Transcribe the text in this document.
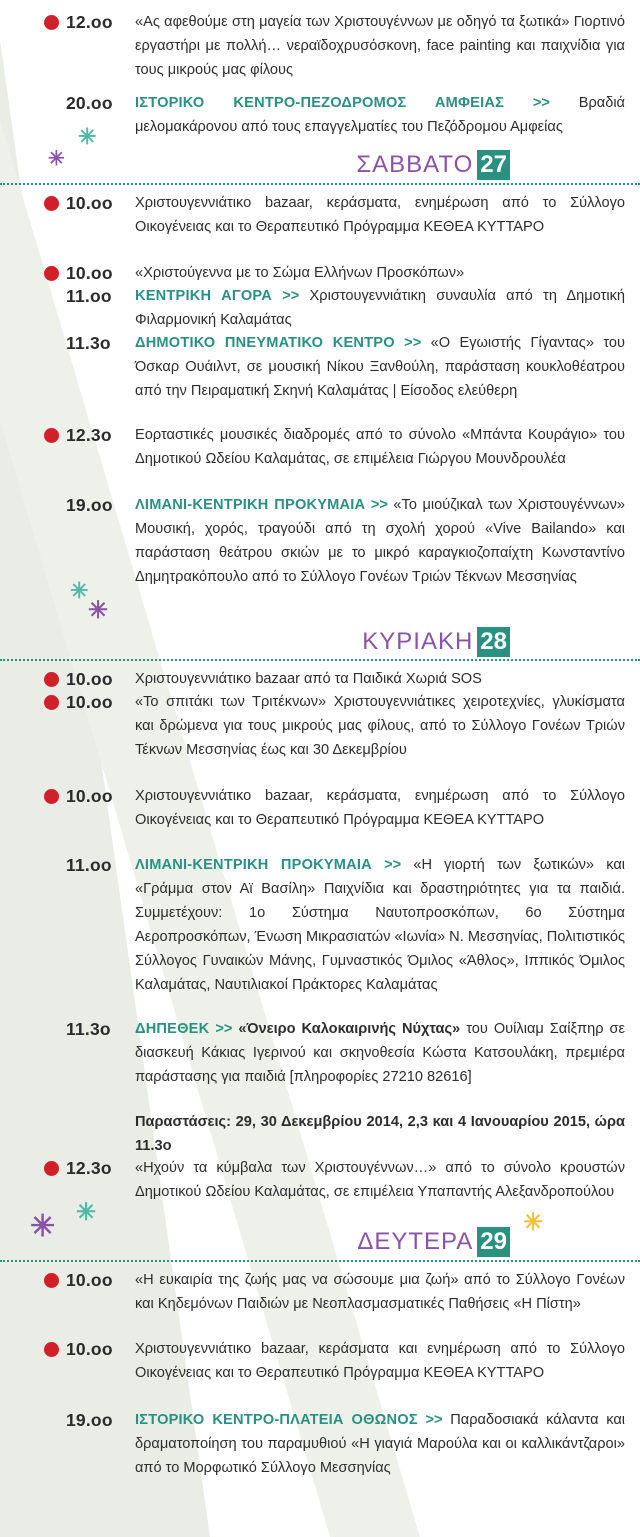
12.oo	«Ας αφεθούμε στη μαγεία των Χριστουγέννων με οδηγό τα ξωτικά» Γιορτινό εργαστήρι με πολλή… νεραϊδοχρυσόσκονη, face painting και παιχνίδια για τους μικρούς μας φίλους
20.oo	ΙΣΤΟΡΙΚΟ ΚΕΝΤΡΟ-ΠΕΖΟΔΡΟΜΟΣ ΑΜΦΕΙΑΣ >> Βραδιά μελομακάρονου από τους επαγγελματίες του Πεζόδρομου Αμφείας
✳
✳	ΣΑΒΒΑΤΟ 27
10.oo	Χριστουγεννιάτικο bazaar, κεράσματα, ενημέρωση από το Σύλλογο Οικογένειας και το Θεραπευτικό Πρόγραμμα ΚΕΘΕΑ ΚΥΤΤΑΡΟ
10.oo	«Χριστούγεννα με το Σώμα Ελλήνων Προσκόπων»
11.oo	ΚΕΝΤΡΙΚΗ ΑΓΟΡΑ >> Χριστουγεννιάτικη συναυλία από τη Δημοτική Φιλαρμονική Καλαμάτας
11.3o	ΔΗΜΟΤΙΚΟ ΠΝΕΥΜΑΤΙΚΟ ΚΕΝΤΡΟ >> «Ο Εγωιστής Γίγαντας» του Όσκαρ Ουάιλντ, σε μουσική Νίκου Ξανθούλη, παράσταση κουκλοθέατρου από την Πειραματική Σκηνή Καλαμάτας | Είσοδος ελεύθερη
12.3o	Εορταστικές μουσικές διαδρομές από το σύνολο «Μπάντα Κουράγιο» του Δημοτικού Ωδείου Καλαμάτας, σε επιμέλεια Γιώργου Μουνδρουλέα
19.oo	ΛΙΜΑΝΙ-ΚΕΝΤΡΙΚΗ ΠΡΟΚΥΜΑΙΑ >> «Το μιούζικαλ των Χριστουγέννων» Μουσική, χορός, τραγούδι από τη σχολή χορού «Vive Bailando» και παράσταση θεάτρου σκιών με το μικρό καραγκιοζοπαίχτη Κωνσταντίνο Δημητρακόπουλο από το Σύλλογο Γονέων Τριών Τέκνων Μεσσηνίας
✳
✳
ΚΥΡΙΑΚΗ 28
10.oo	Χριστουγεννιάτικο bazaar από τα Παιδικά Χωριά SOS
10.oo	«Το σπιτάκι των Τριτέκνων» Χριστουγεννιάτικες χειροτεχνίες, γλυκίσματα και δρώμενα για τους μικρούς μας φίλους, από το Σύλλογο Γονέων Τριών Τέκνων Μεσσηνίας έως και 30 Δεκεμβρίου
10.oo	Χριστουγεννιάτικο bazaar, κεράσματα, ενημέρωση από το Σύλλογο Οικογένειας και το Θεραπευτικό Πρόγραμμα ΚΕΘΕΑ ΚΥΤΤΑΡΟ
11.oo	ΛΙΜΑΝΙ-ΚΕΝΤΡΙΚΗ ΠΡΟΚΥΜΑΙΑ >> «Η γιορτή των ξωτικών» και «Γράμμα στον Αϊ Βασίλη» Παιχνίδια και δραστηριότητες για τα παιδιά. Συμμετέχουν: 1ο Σύστημα Ναυτοπροσκόπων, 6ο Σύστημα Αεροπροσκόπων, Ένωση Μικρασιατών «Ιωνία» Ν. Μεσσηνίας, Πολιτιστικός Σύλλογος Γυναικών Μάνης, Γυμναστικός Όμιλος «Άθλος», Ιππικός Όμιλος Καλαμάτας, Ναυτιλιακοί Πράκτορες Καλαμάτας
11.3o	ΔΗΠΕΘΕΚ >> «Όνειρο Καλοκαιρινής Νύχτας» του Ουίλιαμ Σαίξπηρ σε διασκευή Κάκιας Ιγερινού και σκηνοθεσία Κώστα Κατσουλάκη, πρεμιέρα παράστασης για παιδιά [πληροφορίες 27210 82616]
Παραστάσεις: 29, 30 Δεκεμβρίου 2014, 2,3 και 4 Ιανουαρίου 2015, ώρα 11.3ο
12.3o	«Ηχούν τα κύμβαλα των Χριστουγέννων…» από το σύνολο κρουστών Δημοτικού Ωδείου Καλαμάτας, σε επιμέλεια Υπαπαντής Αλεξανδροπούλου
✳ ✳	✳
ΔΕΥΤΕΡΑ 29
10.oo	«Η ευκαιρία της ζωής μας να σώσουμε μια ζωή» από το Σύλλογο Γονέων και Κηδεμόνων Παιδιών με Νεοπλασμασματικές Παθήσεις «Η Πίστη»
10.oo	Χριστουγεννιάτικο bazaar, κεράσματα και ενημέρωση από το Σύλλογο Οικογένειας και το Θεραπευτικό Πρόγραμμα ΚΕΘΕΑ ΚΥΤΤΑΡΟ
19.oo	ΙΣΤΟΡΙΚΟ ΚΕΝΤΡΟ-ΠΛΑΤΕΙΑ ΟΘΩΝΟΣ >> Παραδοσιακά κάλαντα και δραματοποίηση του παραμυθιού «Η γιαγιά Μαρούλα και οι καλλικάντζαροι» από το Μορφωτικό Σύλλογο Μεσσηνίας
